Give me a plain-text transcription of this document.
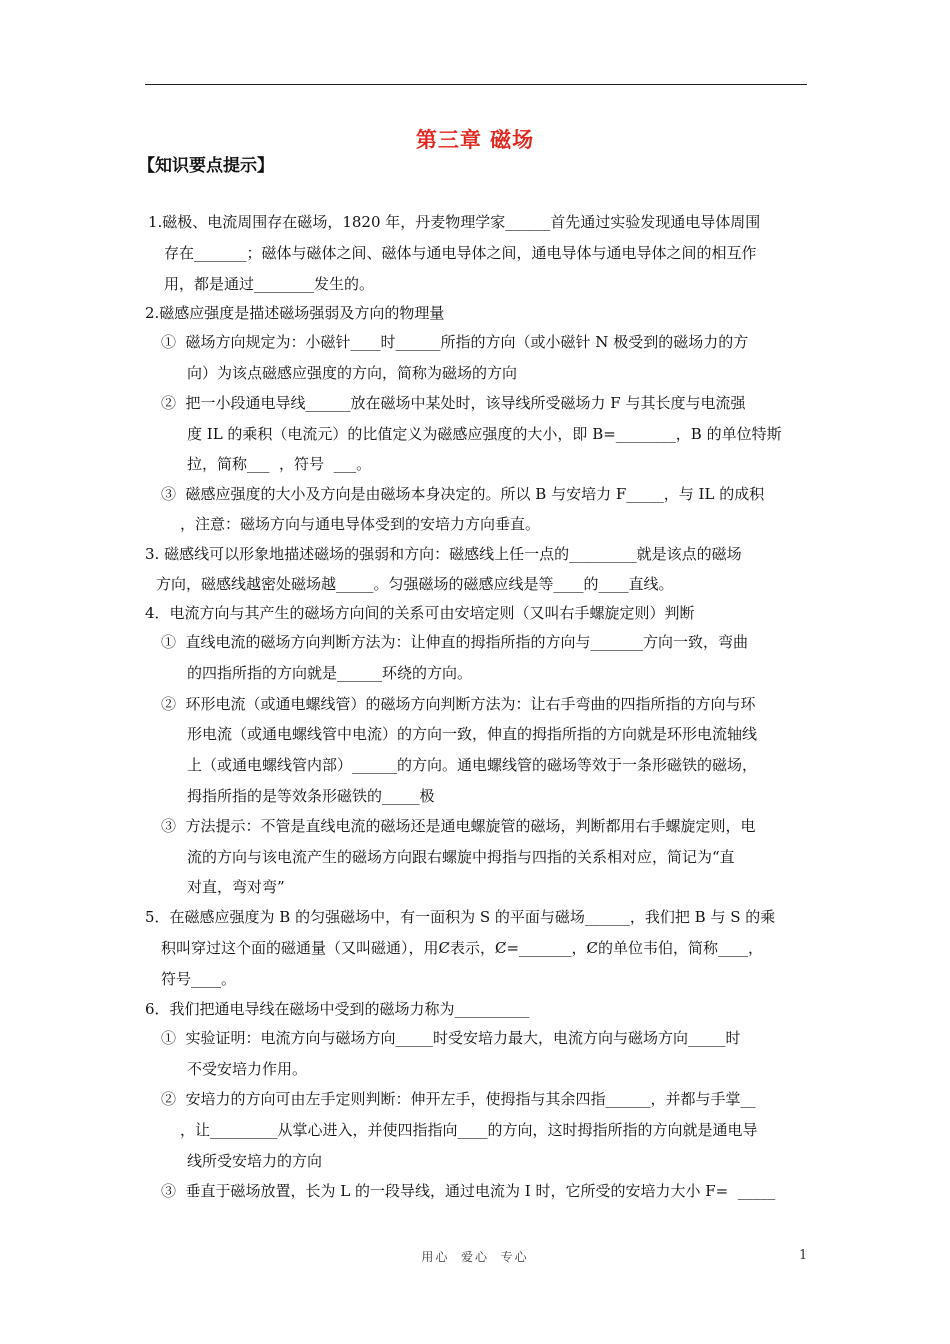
第三章 磁场
【知识要点提示】
1.磁极、电流周围存在磁场，1820 年，丹麦物理学家______首先通过实验发现通电导体周围
存在_______；磁体与磁体之间、磁体与通电导体之间，通电导体与通电导体之间的相互作
用，都是通过________发生的。
2.磁感应强度是描述磁场强弱及方向的物理量
①  磁场方向规定为：小磁针____时______所指的方向（或小磁针 N 极受到的磁场力的方
向）为该点磁感应强度的方向，简称为磁场的方向
②  把一小段通电导线______放在磁场中某处时，该导线所受磁场力 F 与其长度与电流强
度 IL 的乘积（电流元）的比值定义为磁感应强度的大小，即 B=________，B 的单位特斯
拉，简称___  ，符号  ___。
③  磁感应强度的大小及方向是由磁场本身决定的。所以 B 与安培力 F_____，与 IL 的成积
，注意：磁场方向与通电导体受到的安培力方向垂直。
3. 磁感线可以形象地描述磁场的强弱和方向：磁感线上任一点的_________就是该点的磁场
方向，磁感线越密处磁场越_____。匀强磁场的磁感应线是等____的____直线。
4．电流方向与其产生的磁场方向间的关系可由安培定则（又叫右手螺旋定则）判断
①  直线电流的磁场方向判断方法为：让伸直的拇指所指的方向与_______方向一致，弯曲
的四指所指的方向就是______环绕的方向。
②  环形电流（或通电螺线管）的磁场方向判断方法为：让右手弯曲的四指所指的方向与环
形电流（或通电螺线管中电流）的方向一致，伸直的拇指所指的方向就是环形电流轴线
上（或通电螺线管内部）______的方向。通电螺线管的磁场等效于一条形磁铁的磁场，
拇指所指的是等效条形磁铁的_____极
③  方法提示：不管是直线电流的磁场还是通电螺旋管的磁场，判断都用右手螺旋定则，电
流的方向与该电流产生的磁场方向跟右螺旋中拇指与四指的关系相对应，简记为“直
对直，弯对弯”
5．在磁感应强度为 B 的匀强磁场中，有一面积为 S 的平面与磁场______，我们把 B 与 S 的乘
积叫穿过这个面的磁通量（又叫磁通），用Ȼ表示，Ȼ=_______，Ȼ的单位韦伯，简称____，
符号____。
6．我们把通电导线在磁场中受到的磁场力称为__________
①  实验证明：电流方向与磁场方向_____时受安培力最大，电流方向与磁场方向_____时
不受安培力作用。
②  安培力的方向可由左手定则判断：伸开左手，使拇指与其余四指______，并都与手掌__
，让_________从掌心进入，并使四指指向____的方向，这时拇指所指的方向就是通电导
线所受安培力的方向
③  垂直于磁场放置，长为 L 的一段导线，通过电流为 I 时，它所受的安培力大小 F=  _____
用心  爱心  专心	1
